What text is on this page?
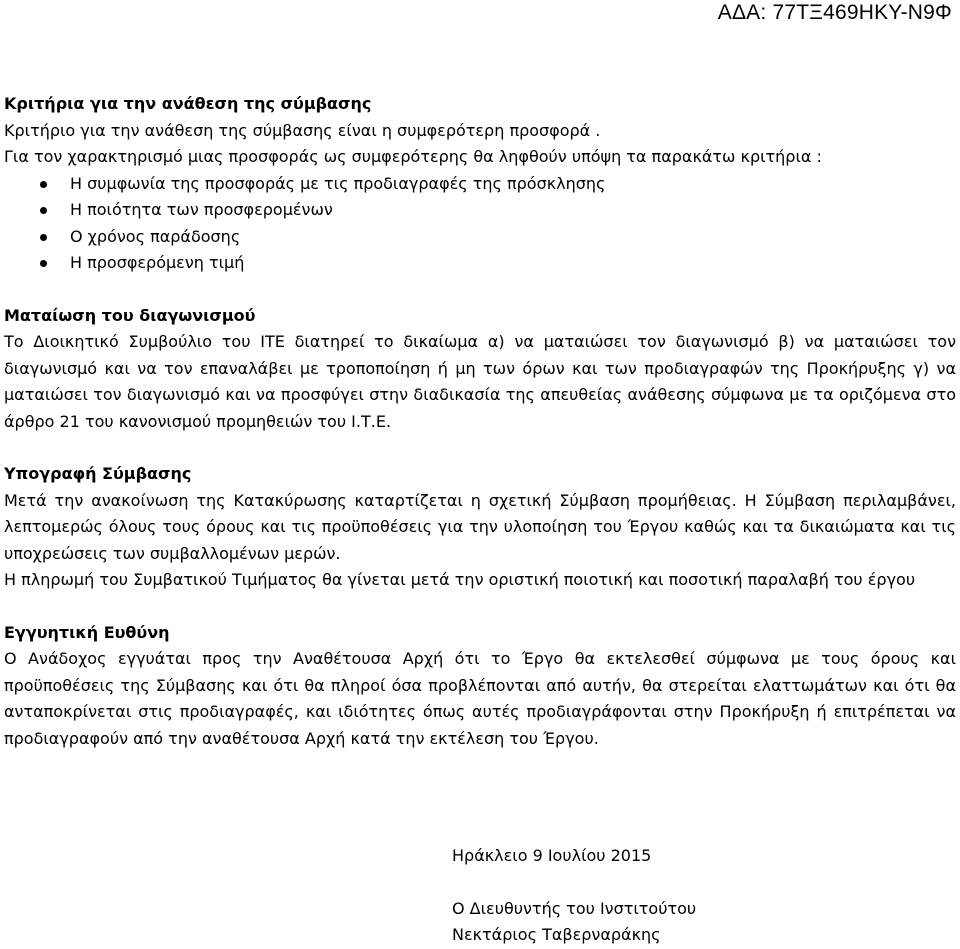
ΑΔΑ: 77ΤΞ469ΗΚΥ-Ν9Φ

Κριτήρια για την ανάθεση της σύμβασης

Κριτήριο για την ανάθεση της σύμβασης είναι η συμφερότερη προσφορά .

Για τον χαρακτηρισμό μιας προσφοράς ως συμφερότερης θα ληφθούν υπόψη τα παρακάτω κριτήρια :

Η συμφωνία της προσφοράς με τις προδιαγραφές της πρόσκλησης
Η ποιότητα των προσφερομένων
Ο χρόνος παράδοσης
Η προσφερόμενη τιμή

Ματαίωση του διαγωνισμού

Το Διοικητικό Συμβούλιο του ΙΤΕ διατηρεί το δικαίωμα α) να ματαιώσει τον διαγωνισμό β) να ματαιώσει τον διαγωνισμό και να τον επαναλάβει με τροποποίηση ή μη των όρων και των προδιαγραφών της Προκήρυξης γ) να ματαιώσει τον διαγωνισμό και να προσφύγει στην διαδικασία της απευθείας ανάθεσης σύμφωνα με τα οριζόμενα στο άρθρο 21 του κανονισμού προμηθειών του Ι.Τ.Ε.

Υπογραφή Σύμβασης

Μετά την ανακοίνωση της Κατακύρωσης καταρτίζεται η σχετική Σύμβαση προμήθειας. Η Σύμβαση περιλαμβάνει, λεπτομερώς όλους τους όρους και τις προϋποθέσεις για την υλοποίηση του Έργου καθώς και τα δικαιώματα και τις υποχρεώσεις των συμβαλλομένων μερών.

Η πληρωμή του Συμβατικού Τιμήματος θα γίνεται μετά την οριστική ποιοτική και ποσοτική παραλαβή του έργου

Εγγυητική Ευθύνη

Ο Ανάδοχος εγγυάται προς την Αναθέτουσα Αρχή ότι το Έργο θα εκτελεσθεί σύμφωνα με τους όρους και προϋποθέσεις της Σύμβασης και ότι θα πληροί όσα προβλέπονται από αυτήν, θα στερείται ελαττωμάτων και ότι θα ανταποκρίνεται στις προδιαγραφές, και ιδιότητες όπως αυτές προδιαγράφονται στην Προκήρυξη ή επιτρέπεται να προδιαγραφούν από την αναθέτουσα Αρχή κατά την εκτέλεση του Έργου.

Ηράκλειο 9 Ιουλίου 2015
Ο Διευθυντής του Ινστιτούτου
Νεκτάριος Ταβερναράκης
